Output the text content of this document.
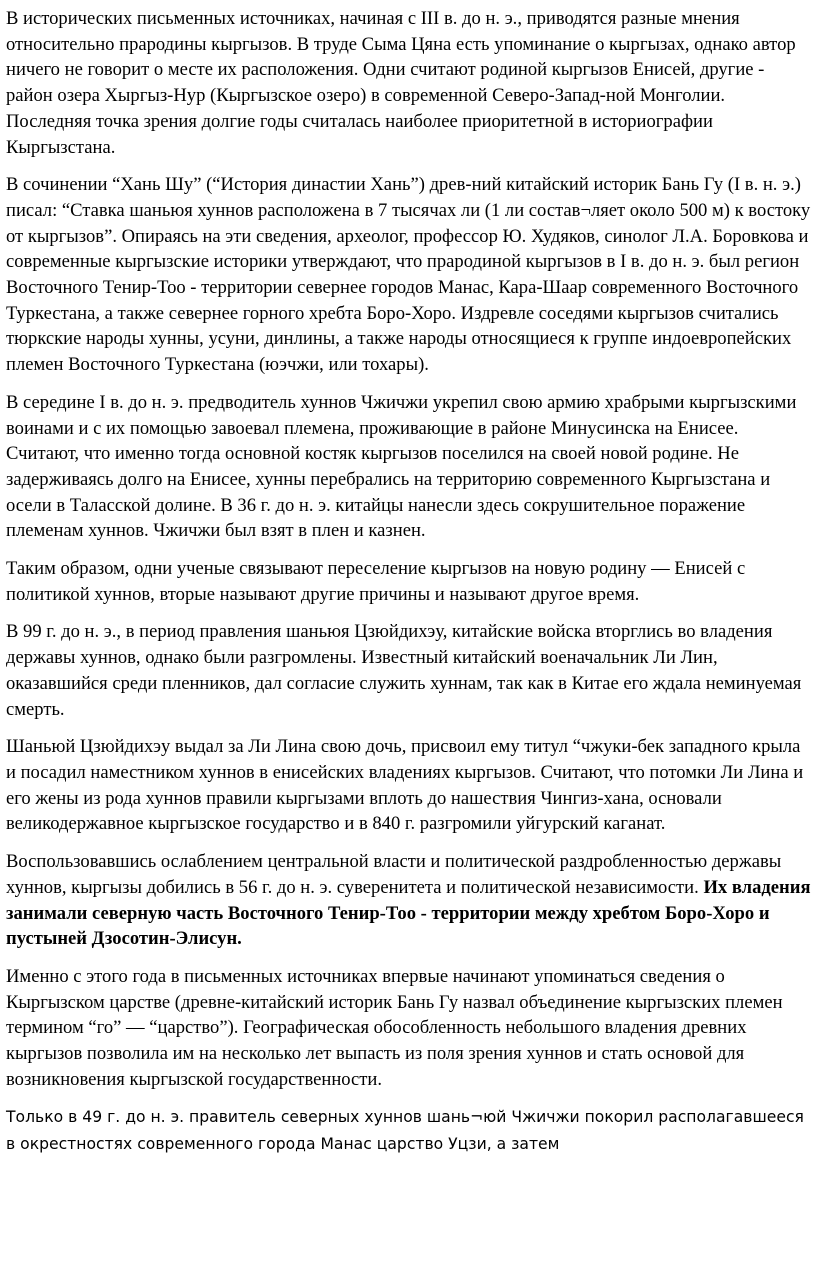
В исторических письменных источниках, начиная с III в. до н. э., приводятся разные мнения относительно прародины кыргызов. В труде Сыма Цяна есть упоминание о кыргызах, однако автор ничего не говорит о месте их расположения. Одни считают родиной кыргызов Енисей, другие - район озера Хыргыз-Нур (Кыргызское озеро) в современной Северо-Запад-ной Монголии. Последняя точка зрения долгие годы считалась наиболее приоритетной в историографии Кыргызстана.

В сочинении “Хань Шу” (“История династии Хань”) древ-ний китайский историк Бань Гу (I в. н. э.) писал: “Ставка шаньюя хуннов расположена в 7 тысячах ли (1 ли состав¬ляет около 500 м) к востоку от кыргызов”. Опираясь на эти сведения, археолог, профессор Ю. Худяков, синолог Л.А. Боровкова и современные кыргызские историки утверждают, что прародиной кыргызов в I в. до н. э. был регион Восточного Тенир-Тоо - территории севернее городов Манас, Кара-Шаар современного Восточного Туркестана, а также севернее горного хребта Боро-Хоро. Издревле соседями кыргызов считались тюркские народы хунны, усуни, динлины, а также народы относящиеся к группе индоевропейских племен Восточного Туркестана (юэчжи, или тохары).

В середине I в. до н. э. предводитель хуннов Чжичжи укрепил свою армию храбрыми кыргызскими воинами и с их помощью завоевал племена, проживающие в районе Минусинска на Енисее. Считают, что именно тогда основной костяк кыргызов поселился на своей новой родине. Не задерживаясь долго на Енисее, хунны перебрались на территорию современного Кыргызстана и осели в Таласской долине. В 36 г. до н. э. китайцы нанесли здесь сокрушительное поражение племенам хуннов. Чжичжи был взят в плен и казнен.

Таким образом, одни ученые связывают переселение кыргызов на новую родину — Енисей с политикой хуннов, вторые называют другие причины и называют другое время.

В 99 г. до н. э., в период правления шаньюя Цзюйдихэу, китайские войска вторглись во владения державы хуннов, однако были разгромлены. Известный китайский военачальник Ли Лин, оказавшийся среди пленников, дал согласие служить хуннам, так как в Китае его ждала неминуемая смерть.

Шаньюй Цзюйдихэу выдал за Ли Лина свою дочь, присвоил ему титул “чжуки-бек западного крыла и посадил наместником хуннов в енисейских владениях кыргызов. Считают, что потомки Ли Лина и его жены из рода хуннов правили кыргызами вплоть до нашествия Чингиз-хана, основали великодержавное кыргызское государство и в 840 г. разгромили уйгурский каганат.

Воспользовавшись ослаблением центральной власти и политической раздробленностью державы хуннов, кыргызы добились в 56 г. до н. э. суверенитета и политической независимости. Их владения занимали северную часть Восточного Тенир-Тоо - территории между хребтом Боро-Хоро и пустыней Дзосотин-Элисун.

Именно с этого года в письменных источниках впервые начинают упоминаться сведения о Кыргызском царстве (древне-китайский историк Бань Гу назвал объединение кыргызских племен термином “го” — “царство”). Географическая обособленность небольшого владения древних кыргызов позволила им на несколько лет выпасть из поля зрения хуннов и стать основой для возникновения кыргызской государственности.

Только в 49 г. до н. э. правитель северных хуннов шань¬юй Чжичжи покорил располагавшееся в окрестностях современного города Манас царство Уцзи, а затем
